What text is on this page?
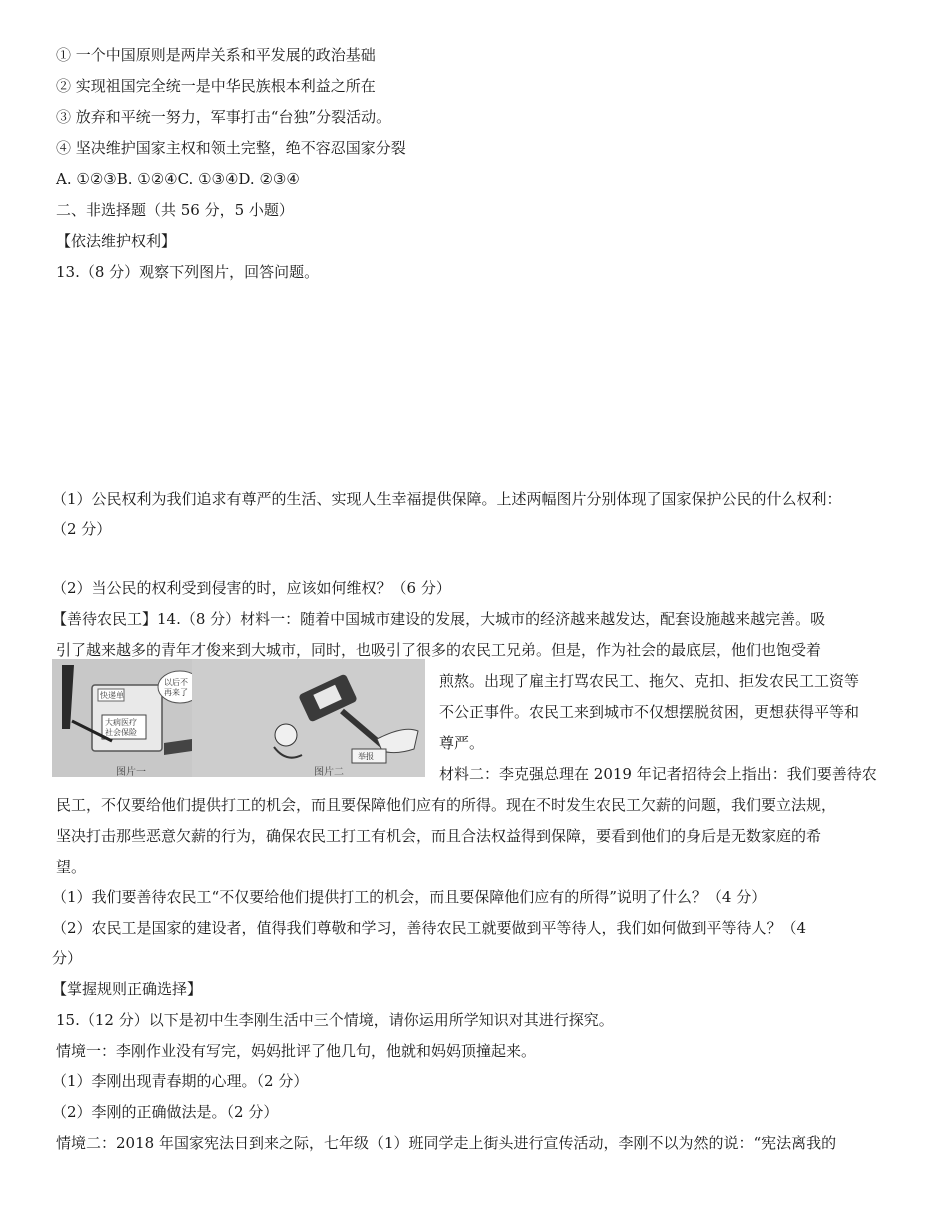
① 一个中国原则是两岸关系和平发展的政治基础
② 实现祖国完全统一是中华民族根本利益之所在
③ 放弃和平统一努力，军事打击“台独”分裂活动。
④ 坚决维护国家主权和领土完整，绝不容忍国家分裂
A. ①②③B. ①②④C. ①③④D. ②③④
二、非选择题（共 56 分，5 小题）
【依法维护权利】
13.（8 分）观察下列图片，回答问题。
（1）公民权利为我们追求有尊严的生活、实现人生幸福提供保障。上述两幅图片分别体现了国家保护公民的什么权利：
（2 分）
（2）当公民的权利受到侵害的时，应该如何维权？（6 分）
【善待农民工】14.（8 分）材料一：随着中国城市建设的发展，大城市的经济越来越发达，配套设施越来越完善。吸
引了越来越多的青年才俊来到大城市，同时，也吸引了很多的农民工兄弟。但是，作为社会的最底层，他们也饱受着
快递单
大病医疗
社会保险
以后不
再来了
举报
图片一	图片二
煎熬。出现了雇主打骂农民工、拖欠、克扣、拒发农民工工资等
不公正事件。农民工来到城市不仅想摆脱贫困，更想获得平等和
尊严。
材料二：李克强总理在 2019 年记者招待会上指出：我们要善待农
民工，不仅要给他们提供打工的机会，而且要保障他们应有的所得。现在不时发生农民工欠薪的问题，我们要立法规，
坚决打击那些恶意欠薪的行为，确保农民工打工有机会，而且合法权益得到保障，要看到他们的身后是无数家庭的希
望。
（1）我们要善待农民工“不仅要给他们提供打工的机会，而且要保障他们应有的所得”说明了什么？（4 分）
（2）农民工是国家的建设者，值得我们尊敬和学习，善待农民工就要做到平等待人，我们如何做到平等待人？（4
分）
【掌握规则正确选择】
15.（12 分）以下是初中生李刚生活中三个情境，请你运用所学知识对其进行探究。
情境一：李刚作业没有写完，妈妈批评了他几句，他就和妈妈顶撞起来。
（1）李刚出现青春期的心理。（2 分）
（2）李刚的正确做法是。（2 分）
情境二：2018 年国家宪法日到来之际，七年级（1）班同学走上街头进行宣传活动，李刚不以为然的说：“宪法离我的
